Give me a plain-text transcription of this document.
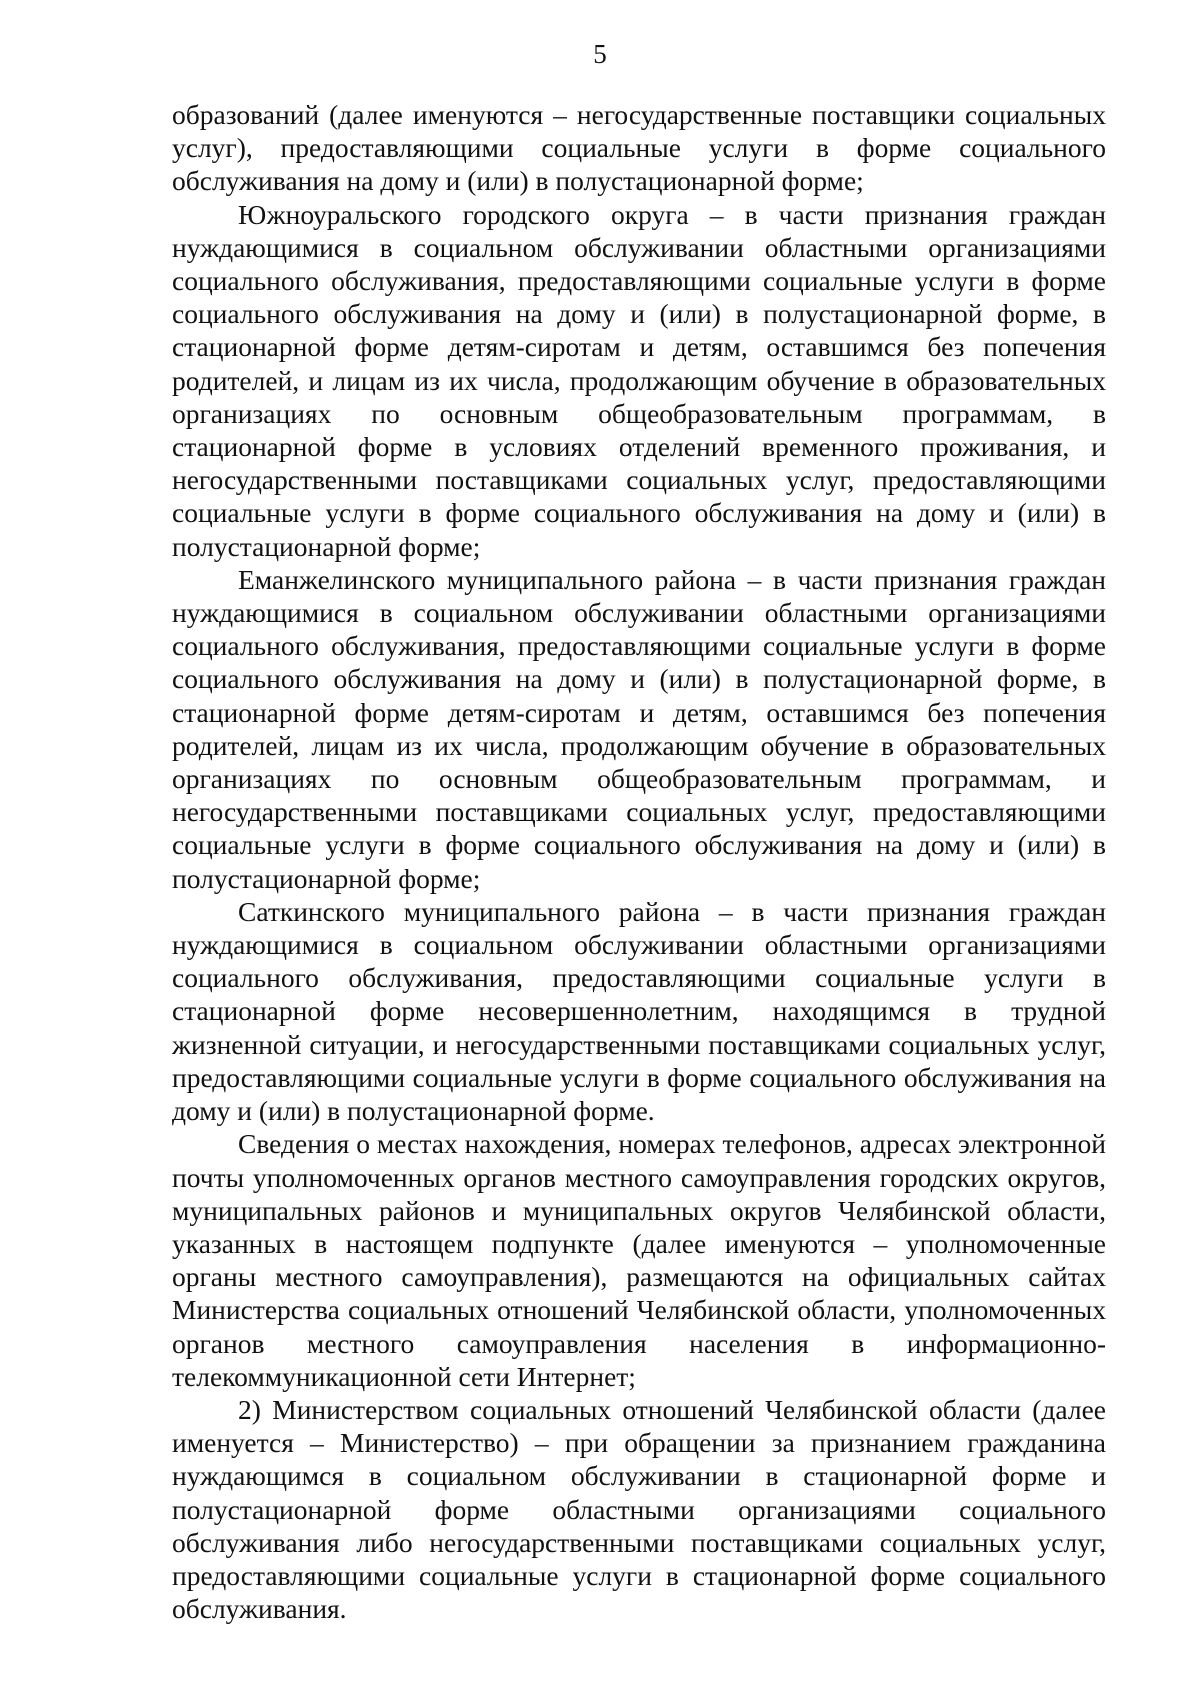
5

образований (далее именуются – негосударственные поставщики социальных услуг), предоставляющими социальные услуги в форме социального обслуживания на дому и (или) в полустационарной форме;

Южноуральского городского округа – в части признания граждан нуждающимися в социальном обслуживании областными организациями социального обслуживания, предоставляющими социальные услуги в форме социального обслуживания на дому и (или) в полустационарной форме, в стационарной форме детям-сиротам и детям, оставшимся без попечения родителей, и лицам из их числа, продолжающим обучение в образовательных организациях по основным общеобразовательным программам, в стационарной форме в условиях отделений временного проживания, и негосударственными поставщиками социальных услуг, предоставляющими социальные услуги в форме социального обслуживания на дому и (или) в полустационарной форме;

Еманжелинского муниципального района – в части признания граждан нуждающимися в социальном обслуживании областными организациями социального обслуживания, предоставляющими социальные услуги в форме социального обслуживания на дому и (или) в полустационарной форме, в стационарной форме детям-сиротам и детям, оставшимся без попечения родителей, лицам из их числа, продолжающим обучение в образовательных организациях по основным общеобразовательным программам, и негосударственными поставщиками социальных услуг, предоставляющими социальные услуги в форме социального обслуживания на дому и (или) в полустационарной форме;

Саткинского муниципального района – в части признания граждан нуждающимися в социальном обслуживании областными организациями социального обслуживания, предоставляющими социальные услуги в стационарной форме несовершеннолетним, находящимся в трудной жизненной ситуации, и негосударственными поставщиками социальных услуг, предоставляющими социальные услуги в форме социального обслуживания на дому и (или) в полустационарной форме.

Сведения о местах нахождения, номерах телефонов, адресах электронной почты уполномоченных органов местного самоуправления городских округов, муниципальных районов и муниципальных округов Челябинской области, указанных в настоящем подпункте (далее именуются – уполномоченные органы местного самоуправления), размещаются на официальных сайтах Министерства социальных отношений Челябинской области, уполномоченных органов местного самоуправления населения в информационно-телекоммуникационной сети Интернет;

2) Министерством социальных отношений Челябинской области (далее именуется – Министерство) – при обращении за признанием гражданина нуждающимся в социальном обслуживании в стационарной форме и полустационарной форме областными организациями социального обслуживания либо негосударственными поставщиками социальных услуг, предоставляющими социальные услуги в стационарной форме социального обслуживания.
